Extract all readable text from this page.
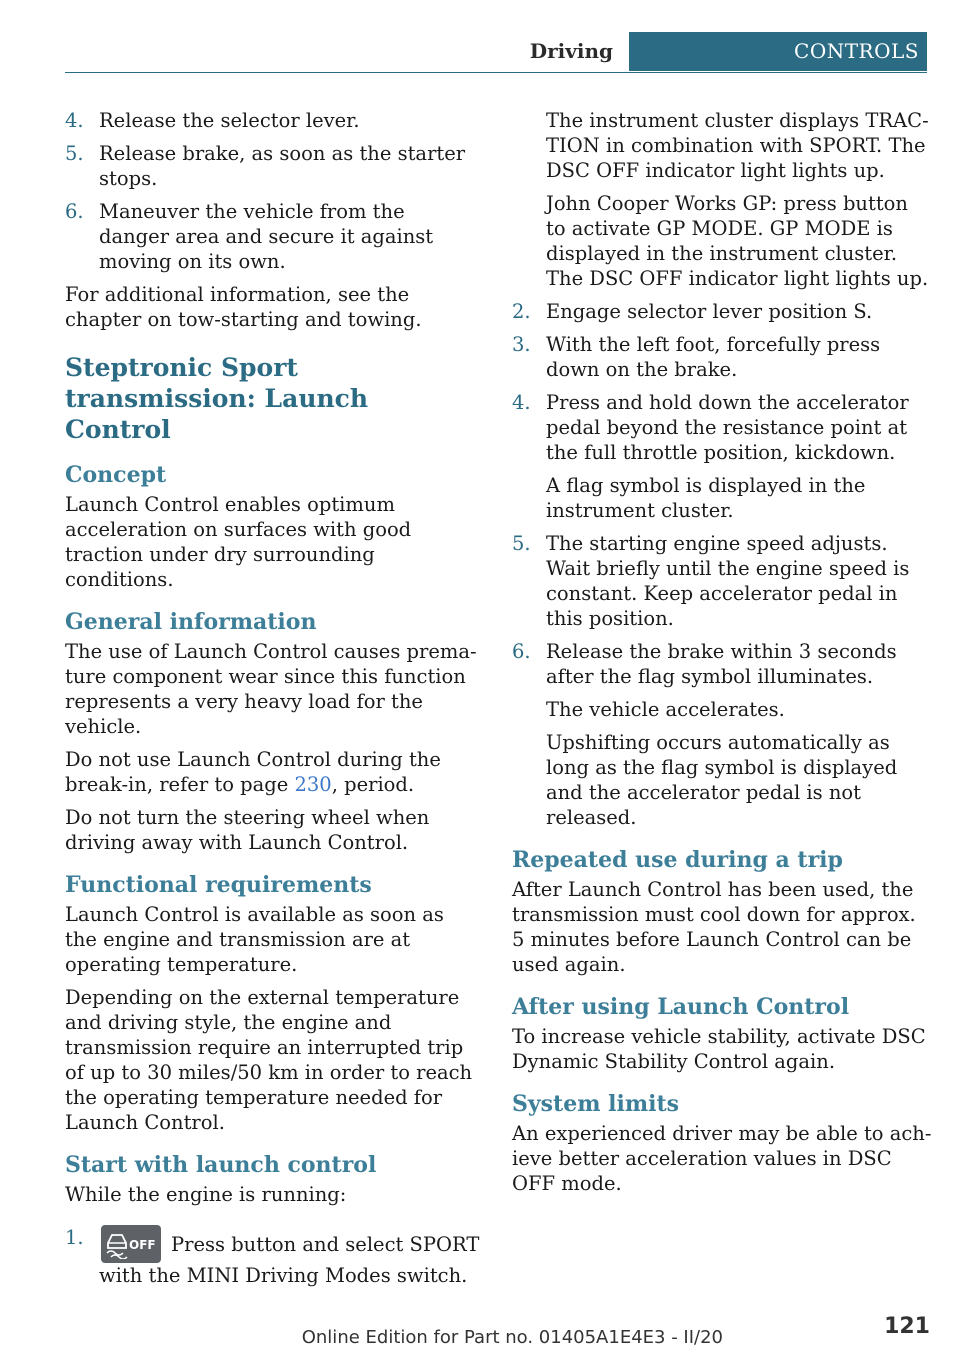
Driving	CONTROLS
4. Release the selector lever.
5. Release brake, as soon as the starter stops.
6. Maneuver the vehicle from the danger area and secure it against moving on its own.

For additional information, see the chapter on tow-starting and towing.

Steptronic Sport transmission: Launch Control
Concept

Launch Control enables optimum acceleration on surfaces with good traction under dry surrounding conditions.

General information

The use of Launch Control causes premature component wear since this function represents a very heavy load for the vehicle.

Do not use Launch Control during the break-in, refer to page 230, period.

Do not turn the steering wheel when driving away with Launch Control.

Functional requirements

Launch Control is available as soon as the engine and transmission are at operating temperature.

Depending on the external temperature and driving style, the engine and transmission require an interrupted trip of up to 30 miles/50 km in order to reach the operating temperature needed for Launch Control.

Start with launch control

While the engine is running:

1.	OFF Press button and select SPORT with the MINI Driving Modes switch.

The instrument cluster displays TRACTION in combination with SPORT. The DSC OFF indicator light lights up.

John Cooper Works GP: press button to activate GP MODE. GP MODE is displayed in the instrument cluster. The DSC OFF indicator light lights up.

2. Engage selector lever position S.

3. With the left foot, forcefully press down on the brake.

4. Press and hold down the accelerator pedal beyond the resistance point at the full throttle position, kickdown.

A flag symbol is displayed in the instrument cluster.

5. The starting engine speed adjusts. Wait briefly until the engine speed is constant. Keep accelerator pedal in this position.

6. Release the brake within 3 seconds after the flag symbol illuminates.

The vehicle accelerates.

Upshifting occurs automatically as long as the flag symbol is displayed and the accelerator pedal is not released.

Repeated use during a trip

After Launch Control has been used, the transmission must cool down for approx. 5 minutes before Launch Control can be used again.

After using Launch Control

To increase vehicle stability, activate DSC Dynamic Stability Control again.

System limits

An experienced driver may be able to achieve better acceleration values in DSC OFF mode.

Online Edition for Part no. 01405A1E4E3 - II/20	121
